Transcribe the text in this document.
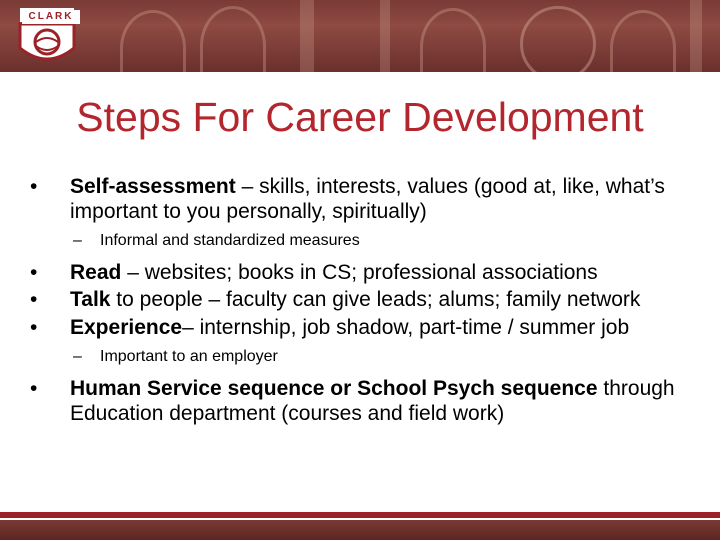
CLARK
Steps For Career Development
•	Self-assessment – skills, interests, values (good at, like, what’s important to you personally, spiritually)
– Informal and standardized measures
•	Read – websites; books in CS; professional associations
•	Talk to people – faculty can give leads; alums; family network
•	Experience– internship, job shadow, part-time / summer job
– Important to an employer
•	Human Service sequence or School Psych sequence through Education department (courses and field work)
